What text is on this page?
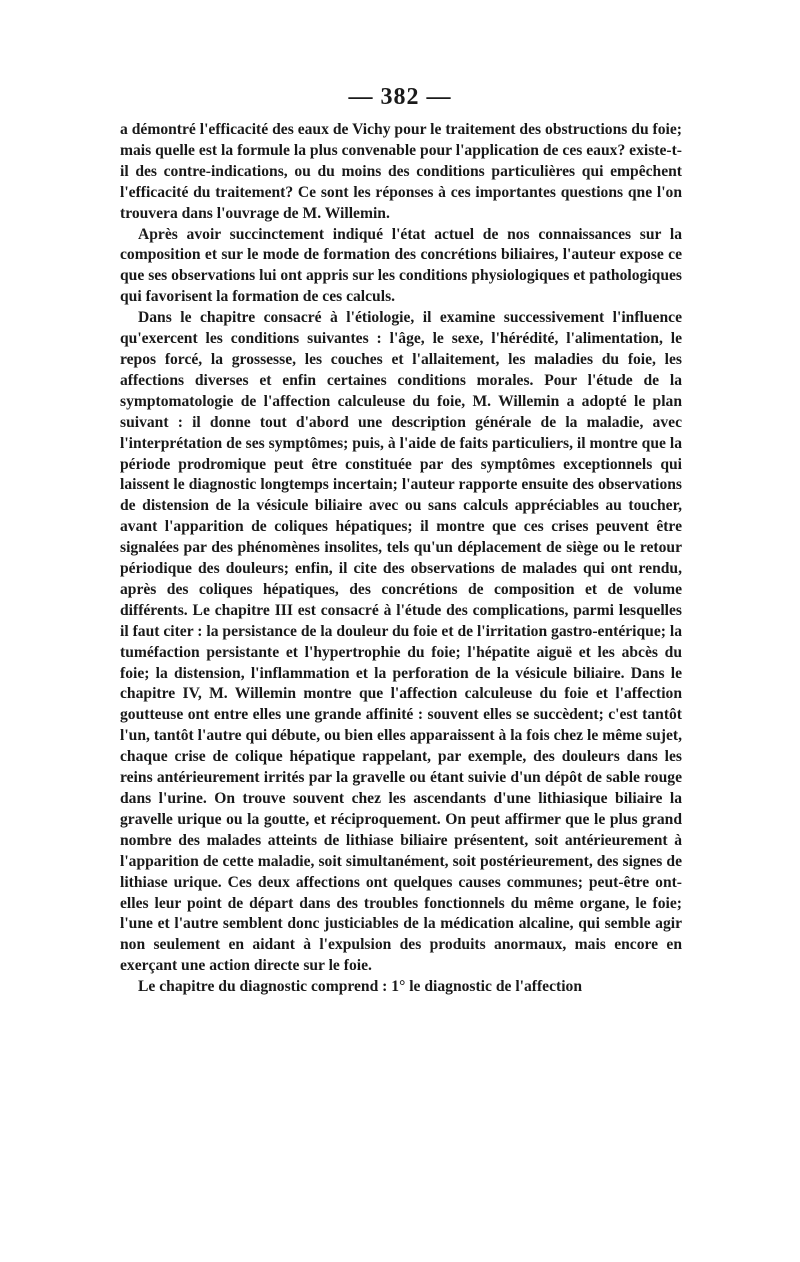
— 382 —

a démontré l'efficacité des eaux de Vichy pour le traitement des obstructions du foie; mais quelle est la formule la plus convenable pour l'application de ces eaux? existe-t-il des contre-indications, ou du moins des conditions particulières qui empêchent l'efficacité du traitement? Ce sont les réponses à ces importantes questions qne l'on trouvera dans l'ouvrage de M. Willemin.

Après avoir succinctement indiqué l'état actuel de nos connaissances sur la composition et sur le mode de formation des concrétions biliaires, l'auteur expose ce que ses observations lui ont appris sur les conditions physiologiques et pathologiques qui favorisent la formation de ces calculs.

Dans le chapitre consacré à l'étiologie, il examine successivement l'influence qu'exercent les conditions suivantes : l'âge, le sexe, l'hérédité, l'alimentation, le repos forcé, la grossesse, les couches et l'allaitement, les maladies du foie, les affections diverses et enfin certaines conditions morales. Pour l'étude de la symptomatologie de l'affection calculeuse du foie, M. Willemin a adopté le plan suivant : il donne tout d'abord une description générale de la maladie, avec l'interprétation de ses symptômes; puis, à l'aide de faits particuliers, il montre que la période prodromique peut être constituée par des symptômes exceptionnels qui laissent le diagnostic longtemps incertain; l'auteur rapporte ensuite des observations de distension de la vésicule biliaire avec ou sans calculs appréciables au toucher, avant l'apparition de coliques hépatiques; il montre que ces crises peuvent être signalées par des phénomènes insolites, tels qu'un déplacement de siège ou le retour périodique des douleurs; enfin, il cite des observations de malades qui ont rendu, après des coliques hépatiques, des concrétions de composition et de volume différents. Le chapitre III est consacré à l'étude des complications, parmi lesquelles il faut citer : la persistance de la douleur du foie et de l'irritation gastro-entérique; la tuméfaction persistante et l'hypertrophie du foie; l'hépatite aiguë et les abcès du foie; la distension, l'inflammation et la perforation de la vésicule biliaire. Dans le chapitre IV, M. Willemin montre que l'affection calculeuse du foie et l'affection goutteuse ont entre elles une grande affinité : souvent elles se succèdent; c'est tantôt l'un, tantôt l'autre qui débute, ou bien elles apparaissent à la fois chez le même sujet, chaque crise de colique hépatique rappelant, par exemple, des douleurs dans les reins antérieurement irrités par la gravelle ou étant suivie d'un dépôt de sable rouge dans l'urine. On trouve souvent chez les ascendants d'une lithiasique biliaire la gravelle urique ou la goutte, et réciproquement. On peut affirmer que le plus grand nombre des malades atteints de lithiase biliaire présentent, soit antérieurement à l'apparition de cette maladie, soit simultanément, soit postérieurement, des signes de lithiase urique. Ces deux affections ont quelques causes communes; peut-être ont-elles leur point de départ dans des troubles fonctionnels du même organe, le foie; l'une et l'autre semblent donc justiciables de la médication alcaline, qui semble agir non seulement en aidant à l'expulsion des produits anormaux, mais encore en exerçant une action directe sur le foie.

Le chapitre du diagnostic comprend : 1° le diagnostic de l'affection
